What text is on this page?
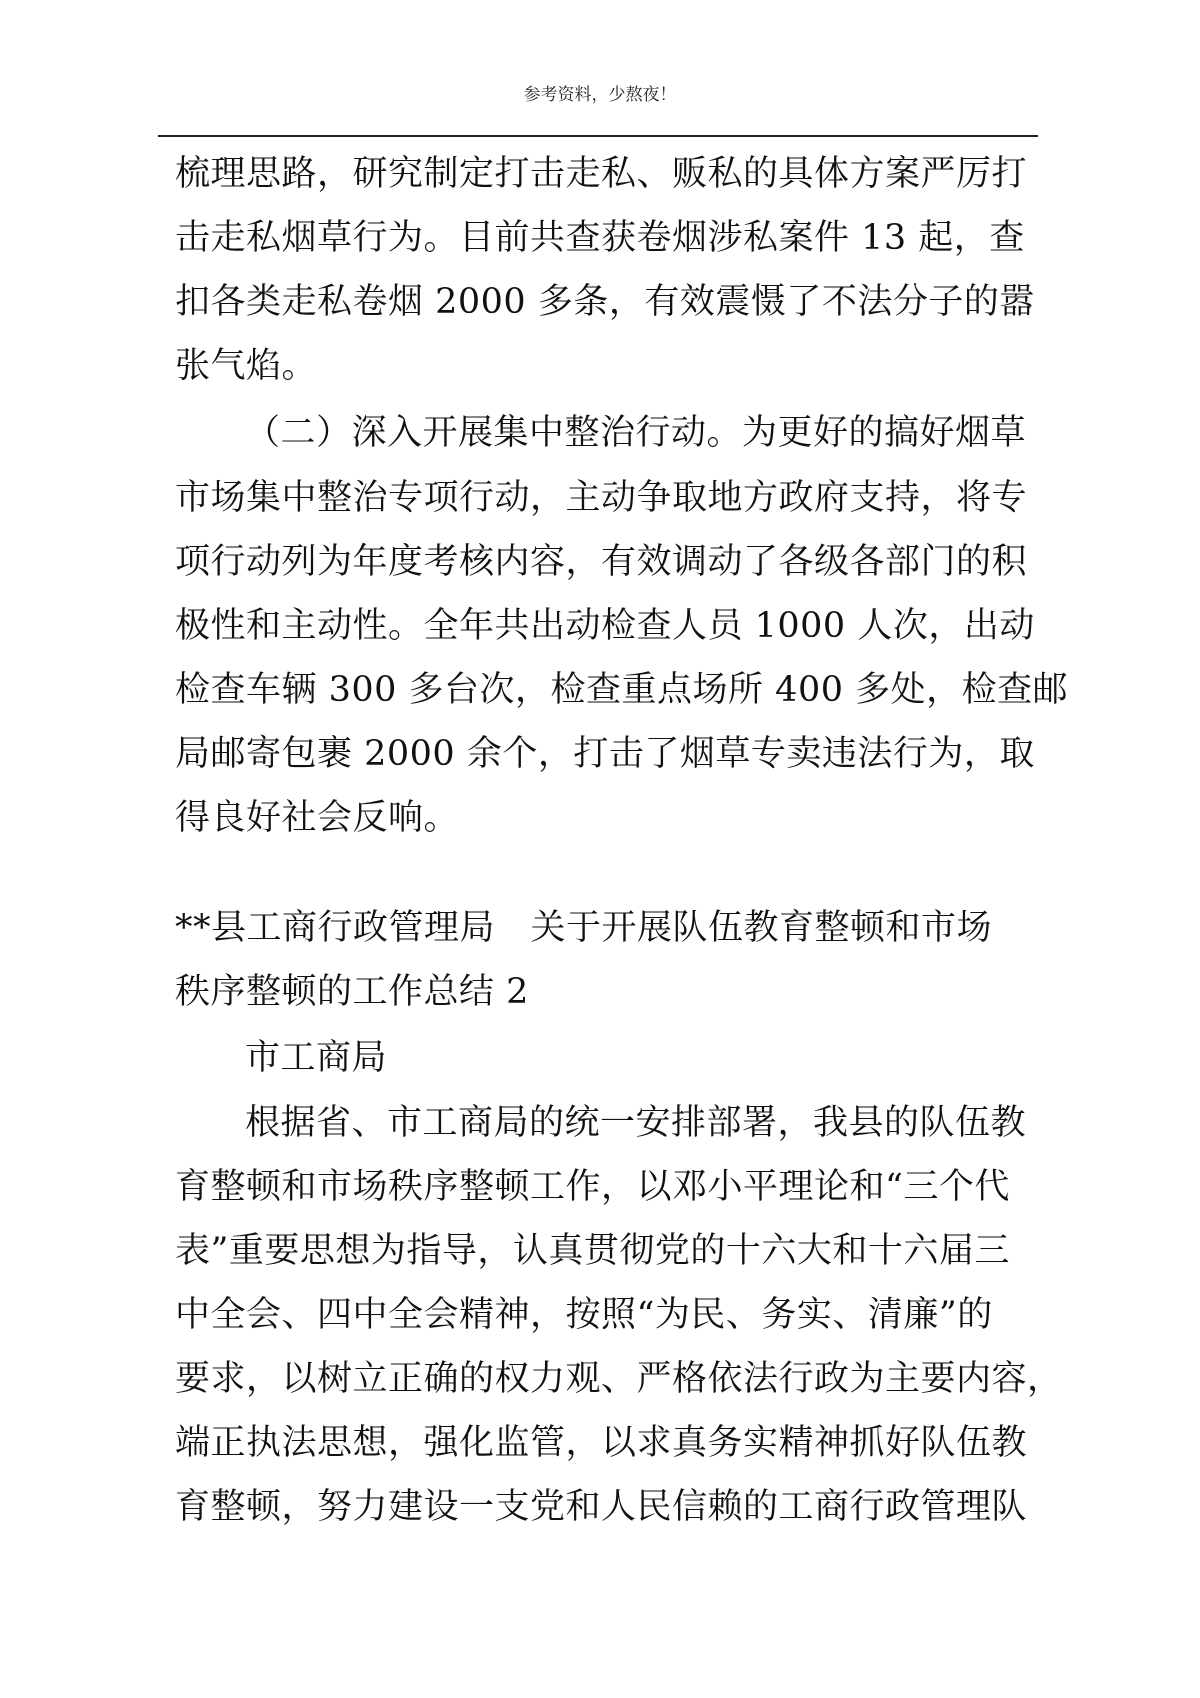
参考资料，少熬夜！
梳理思路，研究制定打击走私、贩私的具体方案严厉打
击走私烟草行为。目前共查获卷烟涉私案件 13 起，查
扣各类走私卷烟 2000 多条，有效震慑了不法分子的嚣
张气焰。
（二）深入开展集中整治行动。为更好的搞好烟草
市场集中整治专项行动，主动争取地方政府支持，将专
项行动列为年度考核内容，有效调动了各级各部门的积
极性和主动性。全年共出动检查人员 1000 人次，出动
检查车辆 300 多台次，检查重点场所 400 多处，检查邮
局邮寄包裹 2000 余个，打击了烟草专卖违法行为，取
得良好社会反响。
**县工商行政管理局　关于开展队伍教育整顿和市场
秩序整顿的工作总结 2
市工商局
根据省、市工商局的统一安排部署，我县的队伍教
育整顿和市场秩序整顿工作，以邓小平理论和“三个代
表”重要思想为指导，认真贯彻党的十六大和十六届三
中全会、四中全会精神，按照“为民、务实、清廉”的
要求，以树立正确的权力观、严格依法行政为主要内容，
端正执法思想，强化监管，以求真务实精神抓好队伍教
育整顿，努力建设一支党和人民信赖的工商行政管理队
